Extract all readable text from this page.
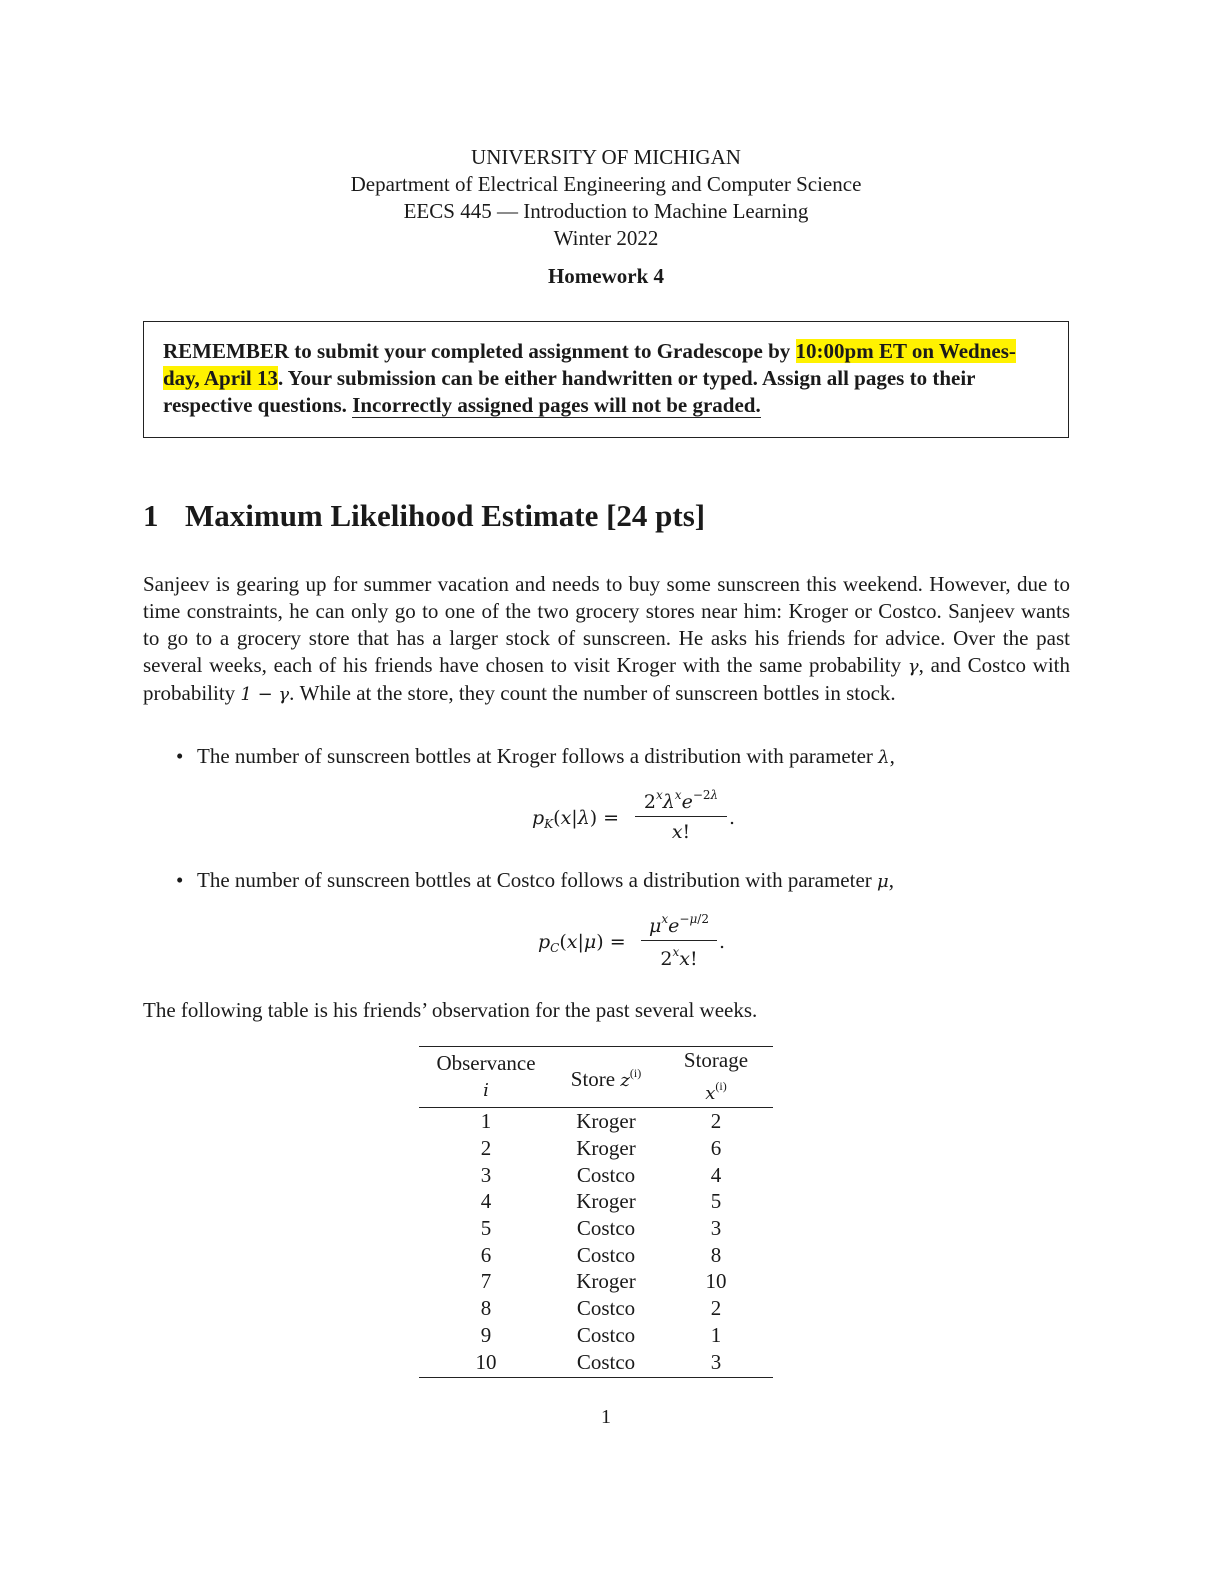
UNIVERSITY OF MICHIGAN
Department of Electrical Engineering and Computer Science
EECS 445 — Introduction to Machine Learning
Winter 2022
Homework 4
REMEMBER to submit your completed assignment to Gradescope by 10:00pm ET on Wednes-
day, April 13. Your submission can be either handwritten or typed. Assign all pages to their
respective questions. Incorrectly assigned pages will not be graded.
1 Maximum Likelihood Estimate [24 pts]
Sanjeev is gearing up for summer vacation and needs to buy some sunscreen this weekend. However, due to
time constraints, he can only go to one of the two grocery stores near him: Kroger or Costco. Sanjeev wants
to go to a grocery store that has a larger stock of sunscreen. He asks his friends for advice. Over the past
several weeks, each of his friends have chosen to visit Kroger with the same probability γ, and Costco with
probability 1 − γ. While at the store, they count the number of sunscreen bottles in stock.
• The number of sunscreen bottles at Kroger follows a distribution with parameter λ,
$p_K(x|\lambda)$ =
$2^x\lambda^xe^{-2\lambda}$
x!
.
• The number of sunscreen bottles at Costco follows a distribution with parameter μ,
$p_C(x|\mu)$ =
$\mu^xe^{-\mu/2}$
2$^x$x!
.
The following table is his friends’ observation for the past several weeks.
Observance i	Store $z^{(i)}$	Storage $x^{(i)}$
1	Kroger	2
2	Kroger	6
3	Costco	4
4	Kroger	5
5	Costco	3
6	Costco	8
7	Kroger	10
8	Costco	2
9	Costco	1
10	Costco	3
1
